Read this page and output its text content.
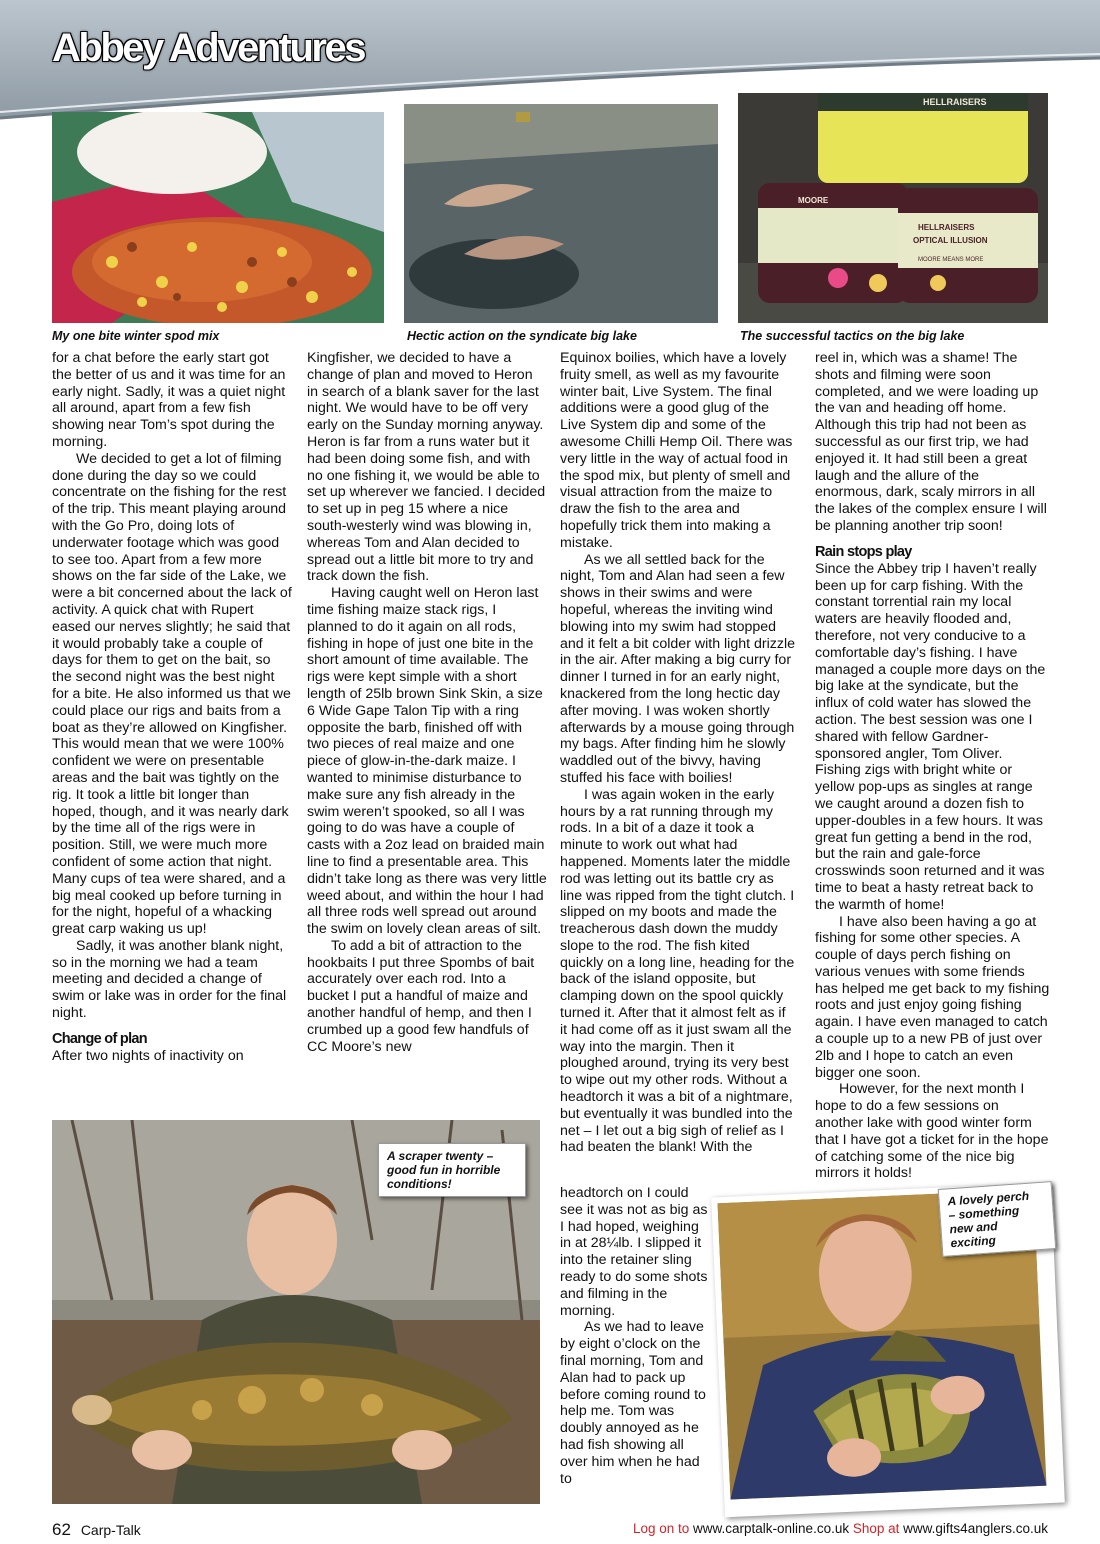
Abbey Adventures
My one bite winter spod mix	Hectic action on the syndicate big lake
HELLRAISERS
MOORE
HELLRAISERS
OPTICAL ILLUSION
MOORE MEANS MORE
The successful tactics on the big lake

for a chat before the early start got the better of us and it was time for an early night. Sadly, it was a quiet night all around, apart from a few fish showing near Tom’s spot during the morning.

We decided to get a lot of filming done during the day so we could concentrate on the fishing for the rest of the trip. This meant playing around with the Go Pro, doing lots of underwater footage which was good to see too. Apart from a few more shows on the far side of the Lake, we were a bit concerned about the lack of activity. A quick chat with Rupert eased our nerves slightly; he said that it would probably take a couple of days for them to get on the bait, so the second night was the best night for a bite. He also informed us that we could place our rigs and baits from a boat as they’re allowed on Kingfisher. This would mean that we were 100% confident we were on presentable areas and the bait was tightly on the rig. It took a little bit longer than hoped, though, and it was nearly dark by the time all of the rigs were in position. Still, we were much more confident of some action that night. Many cups of tea were shared, and a big meal cooked up before turning in for the night, hopeful of a whacking great carp waking us up!

Sadly, it was another blank night, so in the morning we had a team meeting and decided a change of swim or lake was in order for the final night.

Change of plan

After two nights of inactivity on

Kingfisher, we decided to have a change of plan and moved to Heron in search of a blank saver for the last night. We would have to be off very early on the Sunday morning anyway. Heron is far from a runs water but it had been doing some fish, and with no one fishing it, we would be able to set up wherever we fancied. I decided to set up in peg 15 where a nice south-westerly wind was blowing in, whereas Tom and Alan decided to spread out a little bit more to try and track down the fish.

Having caught well on Heron last time fishing maize stack rigs, I planned to do it again on all rods, fishing in hope of just one bite in the short amount of time available. The rigs were kept simple with a short length of 25lb brown Sink Skin, a size 6 Wide Gape Talon Tip with a ring opposite the barb, finished off with two pieces of real maize and one piece of glow-in-the-dark maize. I wanted to minimise disturbance to make sure any fish already in the swim weren’t spooked, so all I was going to do was have a couple of casts with a 2oz lead on braided main line to find a presentable area. This didn’t take long as there was very little weed about, and within the hour I had all three rods well spread out around the swim on lovely clean areas of silt.

To add a bit of attraction to the hookbaits I put three Spombs of bait accurately over each rod. Into a bucket I put a handful of maize and another handful of hemp, and then I crumbed up a good few handfuls of CC Moore’s new

Equinox boilies, which have a lovely fruity smell, as well as my favourite winter bait, Live System. The final additions were a good glug of the Live System dip and some of the awesome Chilli Hemp Oil. There was very little in the way of actual food in the spod mix, but plenty of smell and visual attraction from the maize to draw the fish to the area and hopefully trick them into making a mistake.

As we all settled back for the night, Tom and Alan had seen a few shows in their swims and were hopeful, whereas the inviting wind blowing into my swim had stopped and it felt a bit colder with light drizzle in the air. After making a big curry for dinner I turned in for an early night, knackered from the long hectic day after moving. I was woken shortly afterwards by a mouse going through my bags. After finding him he slowly waddled out of the bivvy, having stuffed his face with boilies!

I was again woken in the early hours by a rat running through my rods. In a bit of a daze it took a minute to work out what had happened. Moments later the middle rod was letting out its battle cry as line was ripped from the tight clutch. I slipped on my boots and made the treacherous dash down the muddy slope to the rod. The fish kited quickly on a long line, heading for the back of the island opposite, but clamping down on the spool quickly turned it. After that it almost felt as if it had come off as it just swam all the way into the margin. Then it ploughed around, trying its very best to wipe out my other rods. Without a headtorch it was a bit of a nightmare, but eventually it was bundled into the net – I let out a big sigh of relief as I had beaten the blank! With the

headtorch on I could see it was not as big as I had hoped, weighing in at 28¼lb. I slipped it into the retainer sling ready to do some shots and filming in the morning.

As we had to leave by eight o’clock on the final morning, Tom and Alan had to pack up before coming round to help me. Tom was doubly annoyed as he had fish showing all over him when he had to

reel in, which was a shame! The shots and filming were soon completed, and we were loading up the van and heading off home. Although this trip had not been as successful as our first trip, we had enjoyed it. It had still been a great laugh and the allure of the enormous, dark, scaly mirrors in all the lakes of the complex ensure I will be planning another trip soon!

Rain stops play

Since the Abbey trip I haven’t really been up for carp fishing. With the constant torrential rain my local waters are heavily flooded and, therefore, not very conducive to a comfortable day’s fishing. I have managed a couple more days on the big lake at the syndicate, but the influx of cold water has slowed the action. The best session was one I shared with fellow Gardner-sponsored angler, Tom Oliver. Fishing zigs with bright white or yellow pop-ups as singles at range we caught around a dozen fish to upper-doubles in a few hours. It was great fun getting a bend in the rod, but the rain and gale-force crosswinds soon returned and it was time to beat a hasty retreat back to the warmth of home!

I have also been having a go at fishing for some other species. A couple of days perch fishing on various venues with some friends has helped me get back to my fishing roots and just enjoy going fishing again. I have even managed to catch a couple up to a new PB of just over 2lb and I hope to catch an even bigger one soon.

However, for the next month I hope to do a few sessions on another lake with good winter form that I have got a ticket for in the hope of catching some of the nice big mirrors it holds!

A scraper twenty –
good fun in horrible
conditions!
A lovely perch
– something
new and
exciting
62 Carp-Talk	Log on to www.carptalk-online.co.uk Shop at www.gifts4anglers.co.uk
